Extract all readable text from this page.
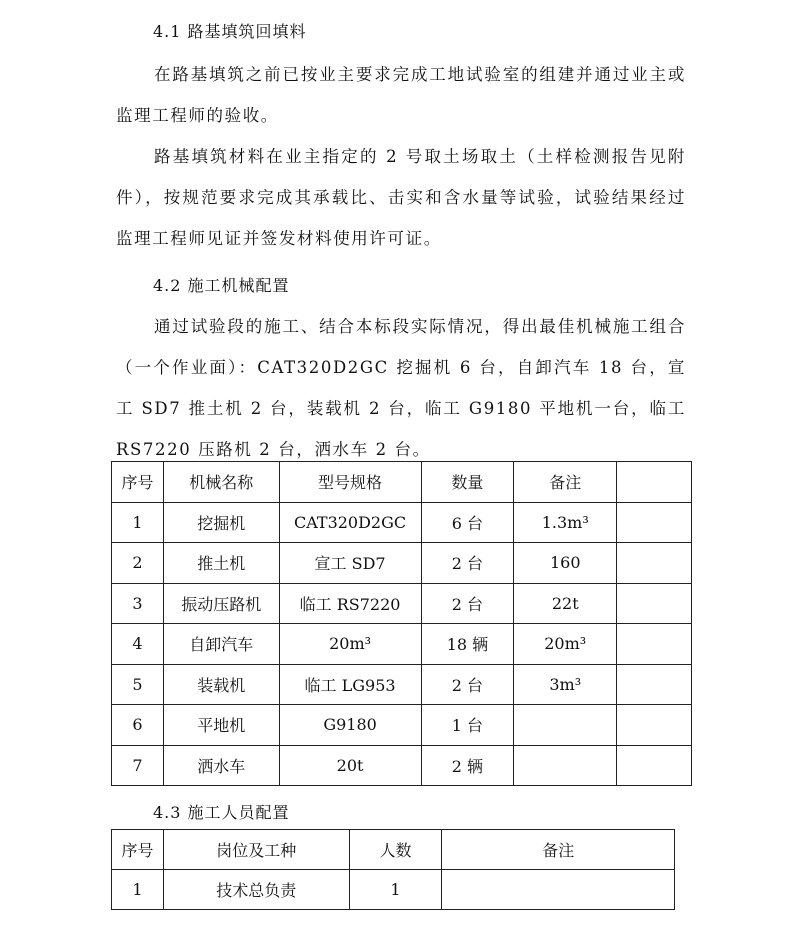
4.1 路基填筑回填料

在路基填筑之前已按业主要求完成工地试验室的组建并通过业主或监理工程师的验收。

路基填筑材料在业主指定的 2 号取土场取土（土样检测报告见附件），按规范要求完成其承载比、击实和含水量等试验，试验结果经过监理工程师见证并签发材料使用许可证。

4.2 施工机械配置

通过试验段的施工、结合本标段实际情况，得出最佳机械施工组合（一个作业面）：CAT320D2GC 挖掘机 6 台，自卸汽车 18 台，宣工 SD7 推土机 2 台，装载机 2 台，临工 G9180 平地机一台，临工 RS7220 压路机 2 台，洒水车 2 台。

序号	机械名称	型号规格	数量	备注	
1	挖掘机	CAT320D2GC	6 台	1.3m³	
2	推土机	宣工 SD7	2 台	160	
3	振动压路机	临工 RS7220	2 台	22t	
4	自卸汽车	20m³	18 辆	20m³	
5	装载机	临工 LG953	2 台	3m³	
6	平地机	G9180	1 台		
7	洒水车	20t	2 辆		
4.3 施工人员配置
序号	岗位及工种	人数	备注
1	技术总负责	1	
